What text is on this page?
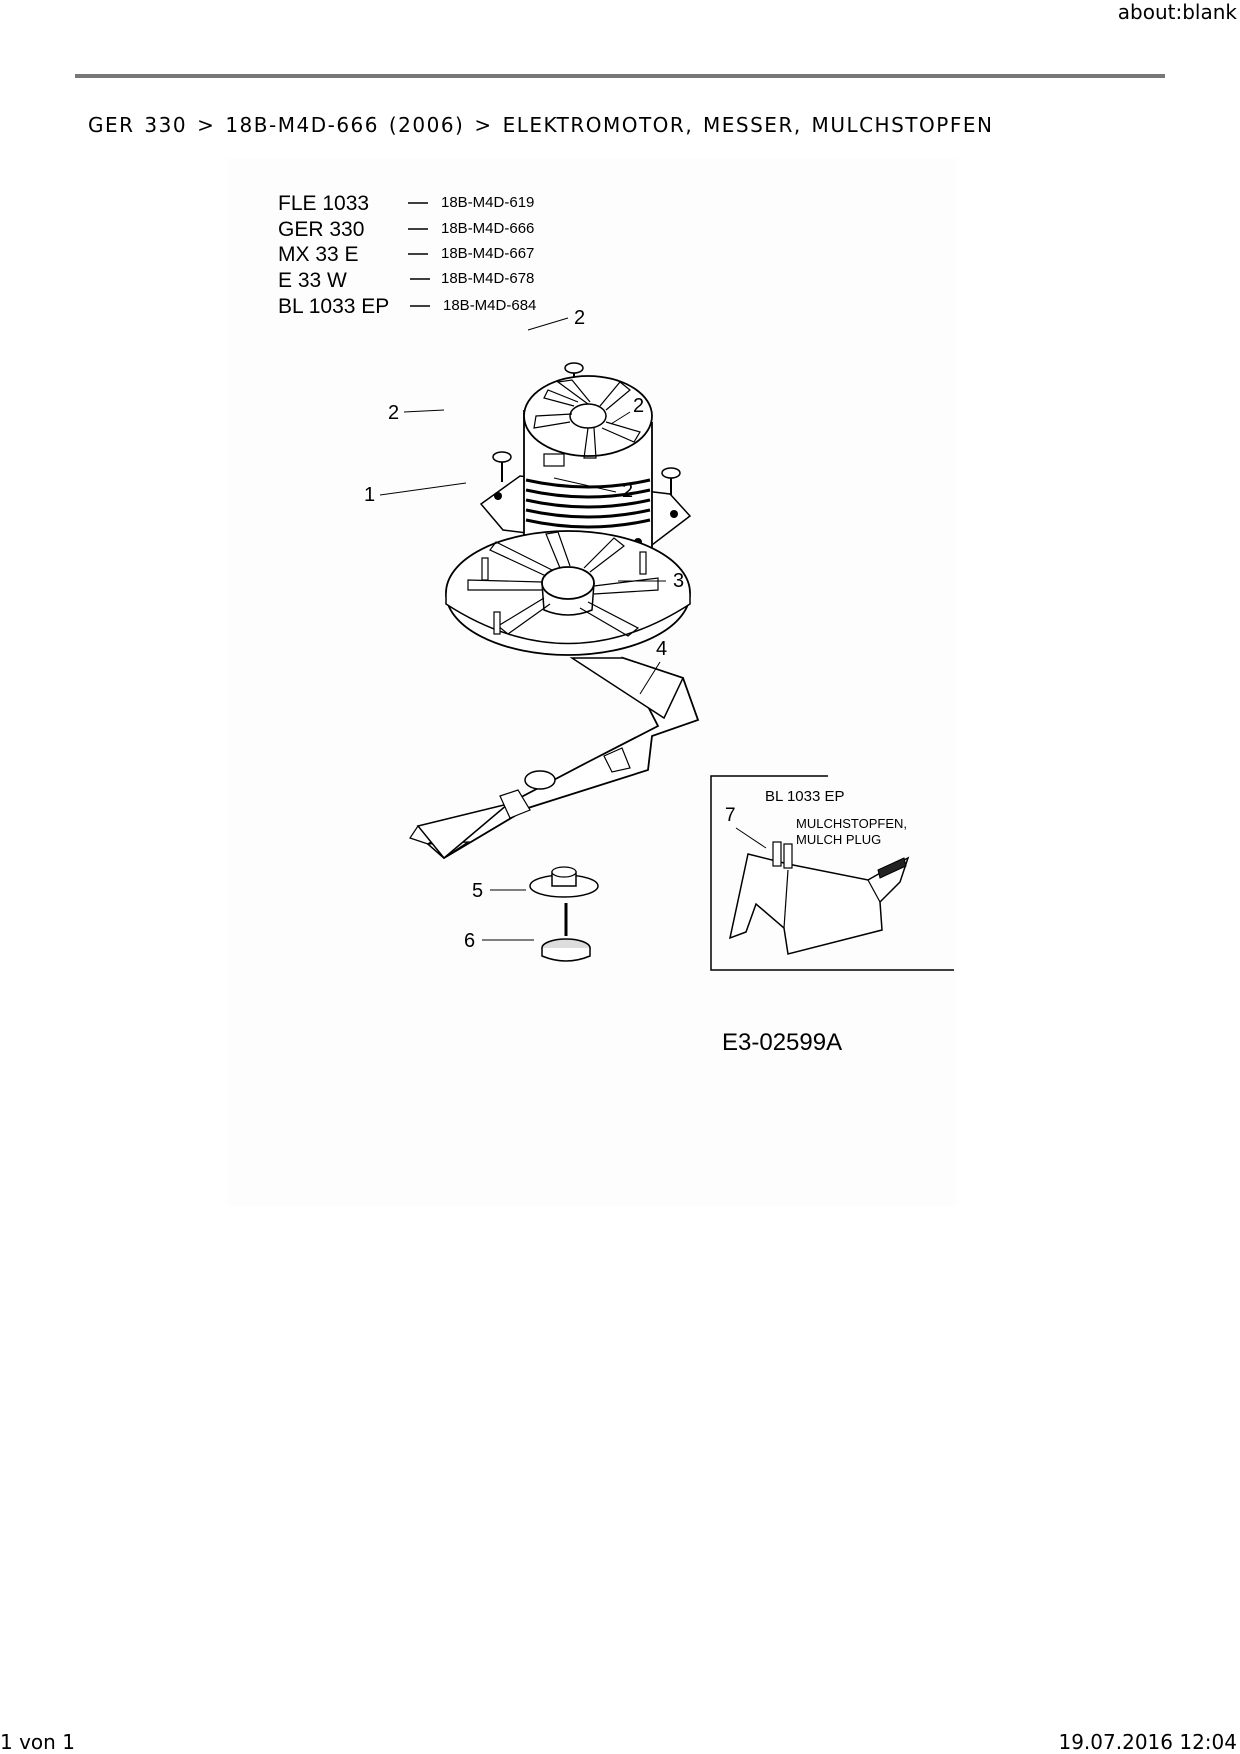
about:blank
GER 330 > 18B-M4D-666 (2006) > ELEKTROMOTOR, MESSER, MULCHSTOPFEN
FLE 1033	18B-M4D-619
GER 330	18B-M4D-666
MX 33 E	18B-M4D-667
E 33 W	18B-M4D-678
BL 1033 EP	18B-M4D-684
2
2	2
2
1
3
4
5
6
BL 1033 EP
7	MULCHSTOPFEN,
MULCH PLUG
E3-02599A
1 von 1	19.07.2016 12:04
